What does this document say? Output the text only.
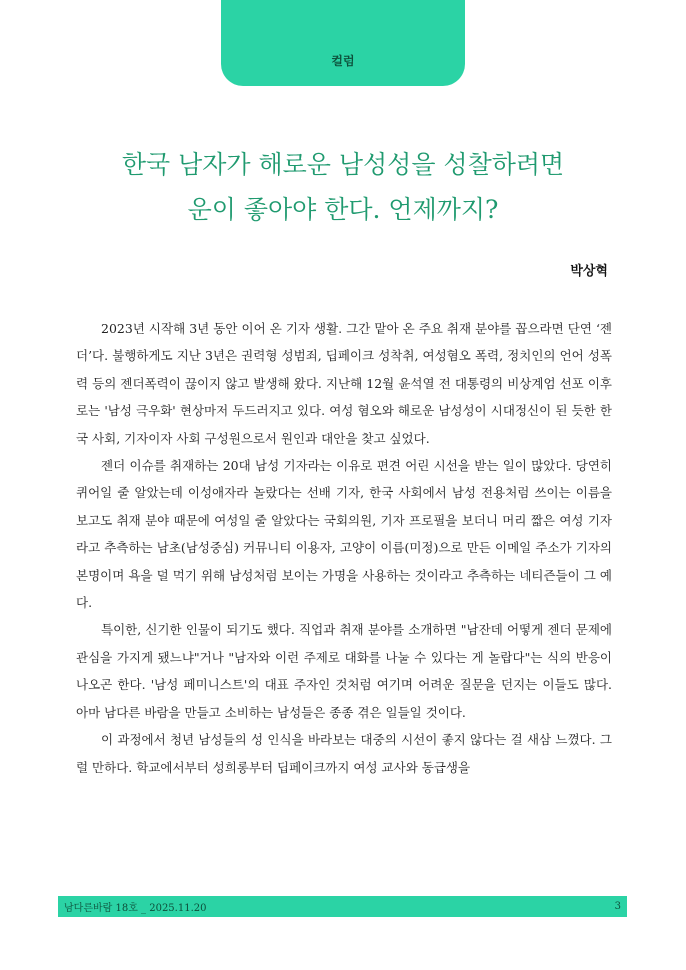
컬럼
한국 남자가 해로운 남성성을 성찰하려면
운이 좋아야 한다. 언제까지?
박상혁

2023년 시작해 3년 동안 이어 온 기자 생활. 그간 맡아 온 주요 취재 분야를 꼽으라면 단연 ‘젠더’다. 불행하게도 지난 3년은 권력형 성범죄, 딥페이크 성착취, 여성혐오 폭력, 정치인의 언어 성폭력 등의 젠더폭력이 끊이지 않고 발생해 왔다. 지난해 12월 윤석열 전 대통령의 비상계엄 선포 이후로는 '남성 극우화' 현상마저 두드러지고 있다. 여성 혐오와 해로운 남성성이 시대정신이 된 듯한 한국 사회, 기자이자 사회 구성원으로서 원인과 대안을 찾고 싶었다.

젠더 이슈를 취재하는 20대 남성 기자라는 이유로 편견 어린 시선을 받는 일이 많았다. 당연히 퀴어일 줄 알았는데 이성애자라 놀랐다는 선배 기자, 한국 사회에서 남성 전용처럼 쓰이는 이름을 보고도 취재 분야 때문에 여성일 줄 알았다는 국회의원, 기자 프로필을 보더니 머리 짧은 여성 기자라고 추측하는 남초(남성중심) 커뮤니티 이용자, 고양이 이름(미정)으로 만든 이메일 주소가 기자의 본명이며 욕을 덜 먹기 위해 남성처럼 보이는 가명을 사용하는 것이라고 추측하는 네티즌들이 그 예다.

특이한, 신기한 인물이 되기도 했다. 직업과 취재 분야를 소개하면 "남잔데 어떻게 젠더 문제에 관심을 가지게 됐느냐"거나 "남자와 이런 주제로 대화를 나눌 수 있다는 게 놀랍다"는 식의 반응이 나오곤 한다. '남성 페미니스트'의 대표 주자인 것처럼 여기며 어려운 질문을 던지는 이들도 많다. 아마 남다른 바람을 만들고 소비하는 남성들은 종종 겪은 일들일 것이다.

이 과정에서 청년 남성들의 성 인식을 바라보는 대중의 시선이 좋지 않다는 걸 새삼 느꼈다. 그럴 만하다. 학교에서부터 성희롱부터 딥페이크까지 여성 교사와 동급생을

남다른바람 18호 _ 2025.11.20	3
